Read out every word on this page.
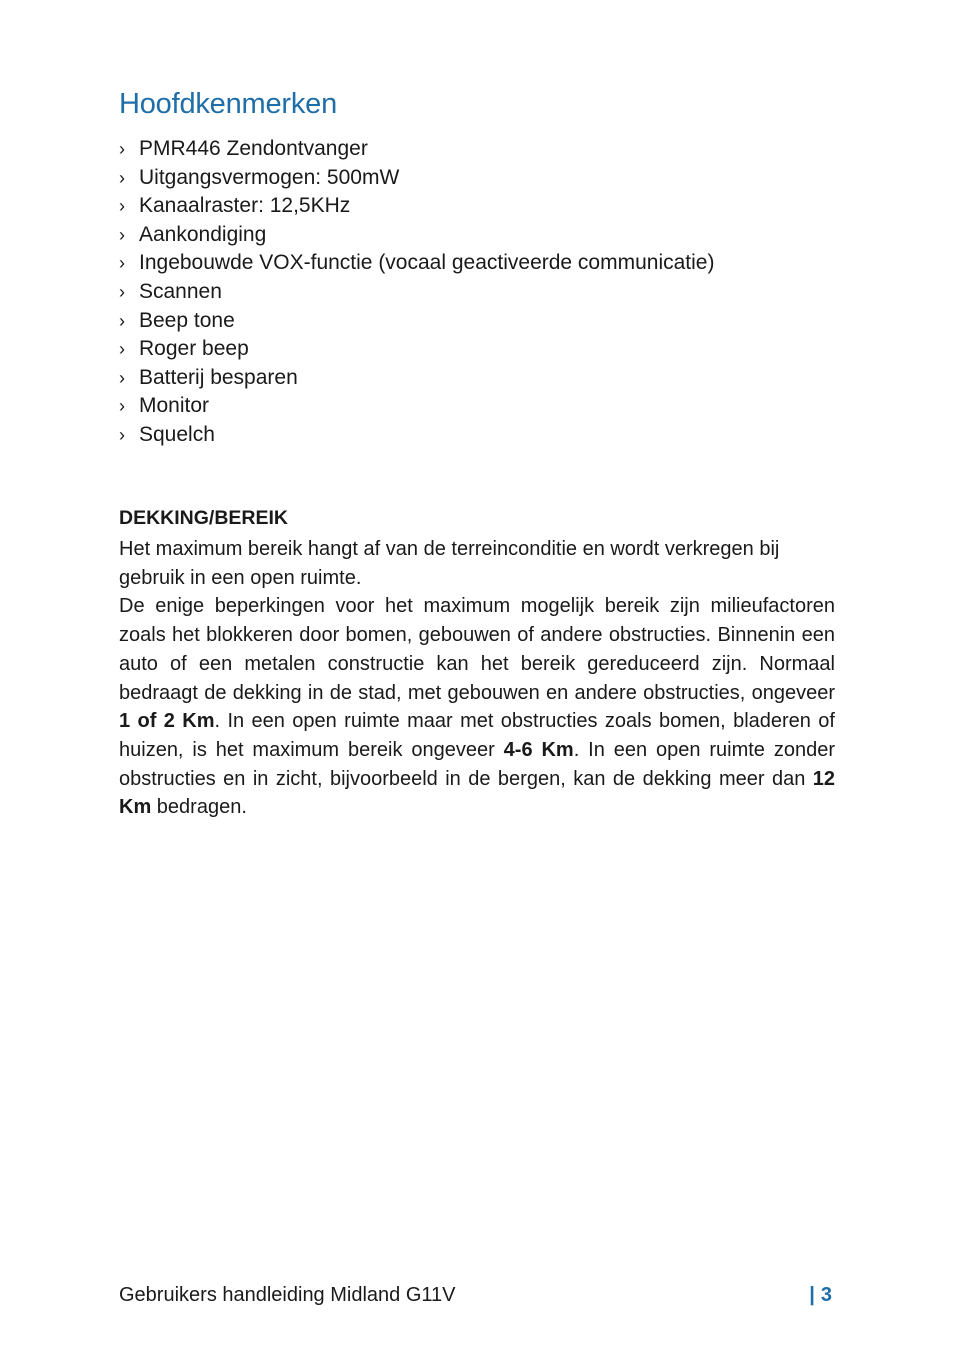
Hoofdkenmerken
› PMR446 Zendontvanger
› Uitgangsvermogen: 500mW
› Kanaalraster: 12,5KHz
› Aankondiging
› Ingebouwde VOX-functie (vocaal geactiveerde communicatie)
› Scannen
› Beep tone
› Roger beep
› Batterij besparen
› Monitor
› Squelch
DEKKING/BEREIK

Het maximum bereik hangt af van de terreinconditie en wordt verkregen bij gebruik in een open ruimte.

De enige beperkingen voor het maximum mogelijk bereik zijn milieufactoren zoals het blokkeren door bomen, gebouwen of andere obstructies. Binnenin een auto of een metalen constructie kan het bereik gereduceerd zijn. Normaal bedraagt de dekking in de stad, met gebouwen en andere obstructies, ongeveer 1 of 2 Km. In een open ruimte maar met obstructies zoals bomen, bladeren of huizen, is het maximum bereik ongeveer 4-6 Km. In een open ruimte zonder obstructies en in zicht, bijvoorbeeld in de bergen, kan de dekking meer dan 12 Km bedragen.

Gebruikers handleiding Midland G11V	| 3
